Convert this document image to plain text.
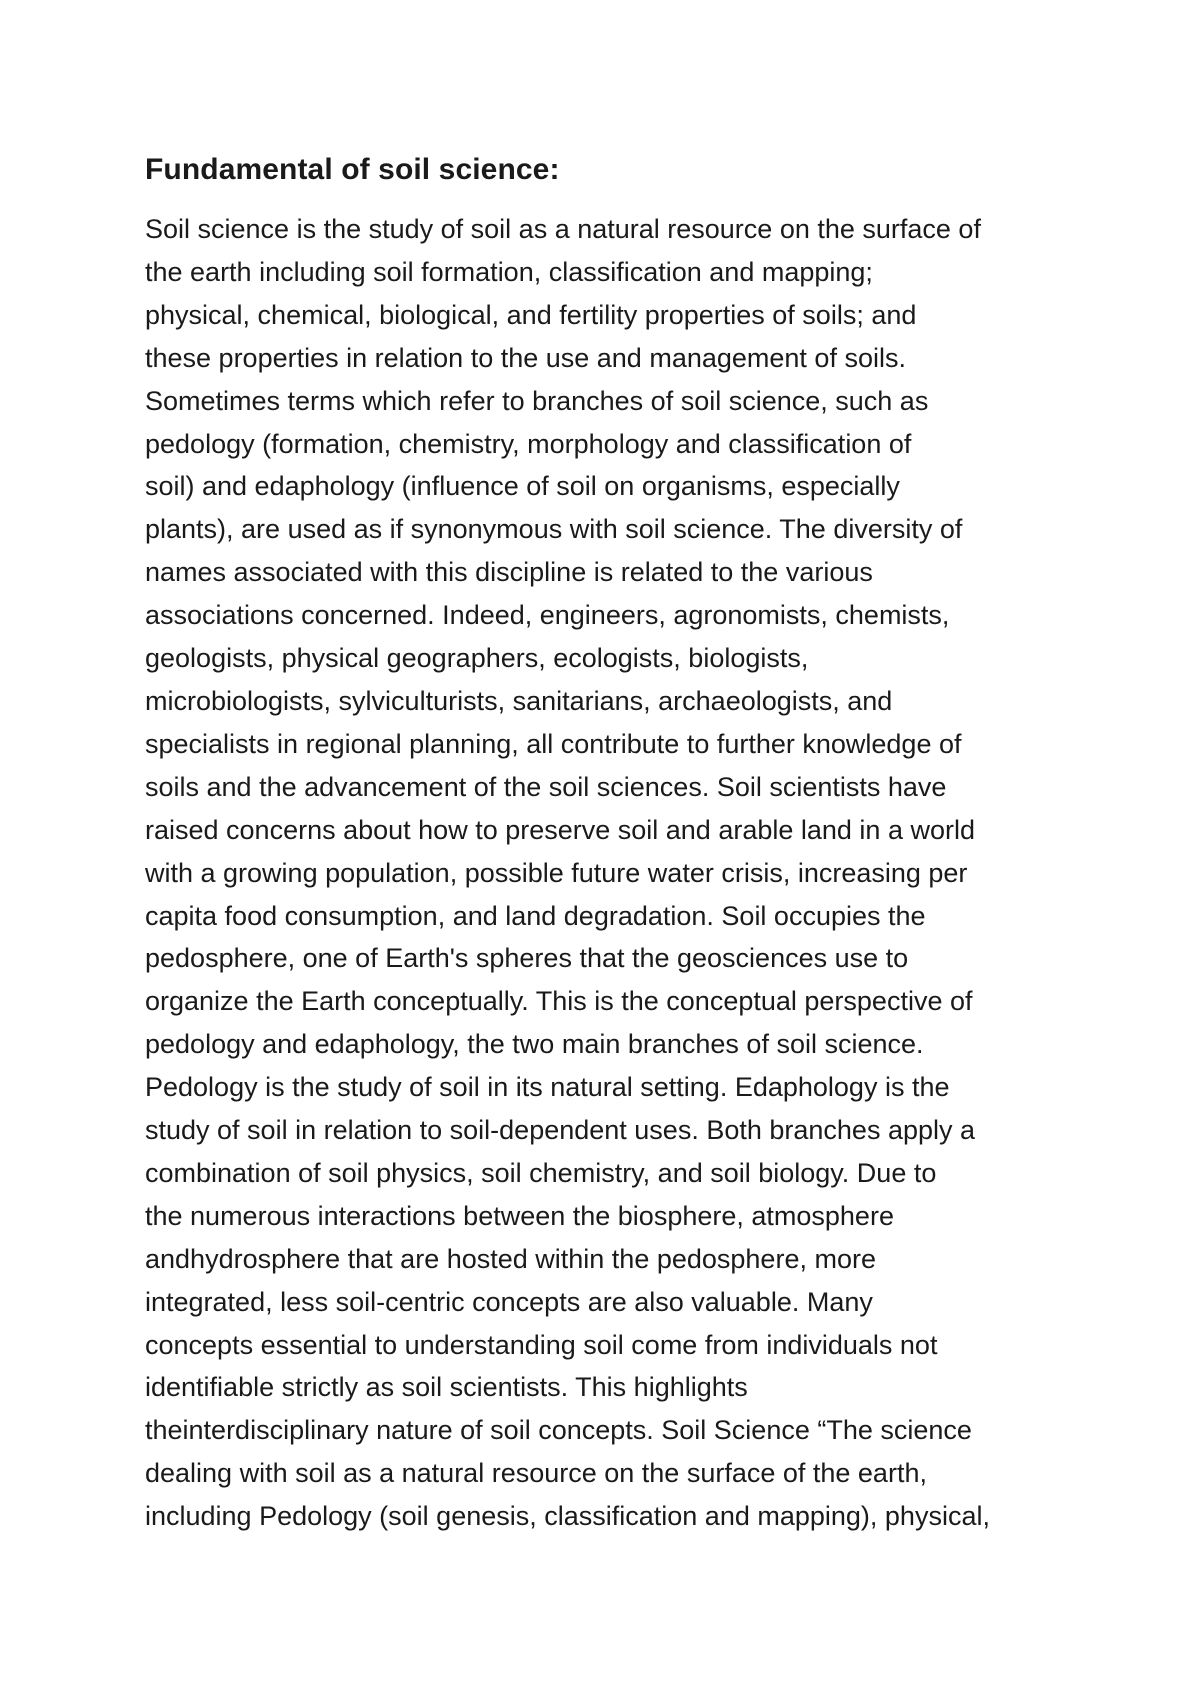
Fundamental of soil science:
Soil science is the study of soil as a natural resource on the surface of
the earth including soil formation, classification and mapping;
physical, chemical, biological, and fertility properties of soils; and
these properties in relation to the use and management of soils.
Sometimes terms which refer to branches of soil science, such as
pedology (formation, chemistry, morphology and classification of
soil) and edaphology (influence of soil on organisms, especially
plants), are used as if synonymous with soil science. The diversity of
names associated with this discipline is related to the various
associations concerned. Indeed, engineers, agronomists, chemists,
geologists, physical geographers, ecologists, biologists,
microbiologists, sylviculturists, sanitarians, archaeologists, and
specialists in regional planning, all contribute to further knowledge of
soils and the advancement of the soil sciences. Soil scientists have
raised concerns about how to preserve soil and arable land in a world
with a growing population, possible future water crisis, increasing per
capita food consumption, and land degradation. Soil occupies the
pedosphere, one of Earth's spheres that the geosciences use to
organize the Earth conceptually. This is the conceptual perspective of
pedology and edaphology, the two main branches of soil science.
Pedology is the study of soil in its natural setting. Edaphology is the
study of soil in relation to soil-dependent uses. Both branches apply a
combination of soil physics, soil chemistry, and soil biology. Due to
the numerous interactions between the biosphere, atmosphere
andhydrosphere that are hosted within the pedosphere, more
integrated, less soil-centric concepts are also valuable. Many
concepts essential to understanding soil come from individuals not
identifiable strictly as soil scientists. This highlights
theinterdisciplinary nature of soil concepts. Soil Science “The science
dealing with soil as a natural resource on the surface of the earth,
including Pedology (soil genesis, classification and mapping), physical,
